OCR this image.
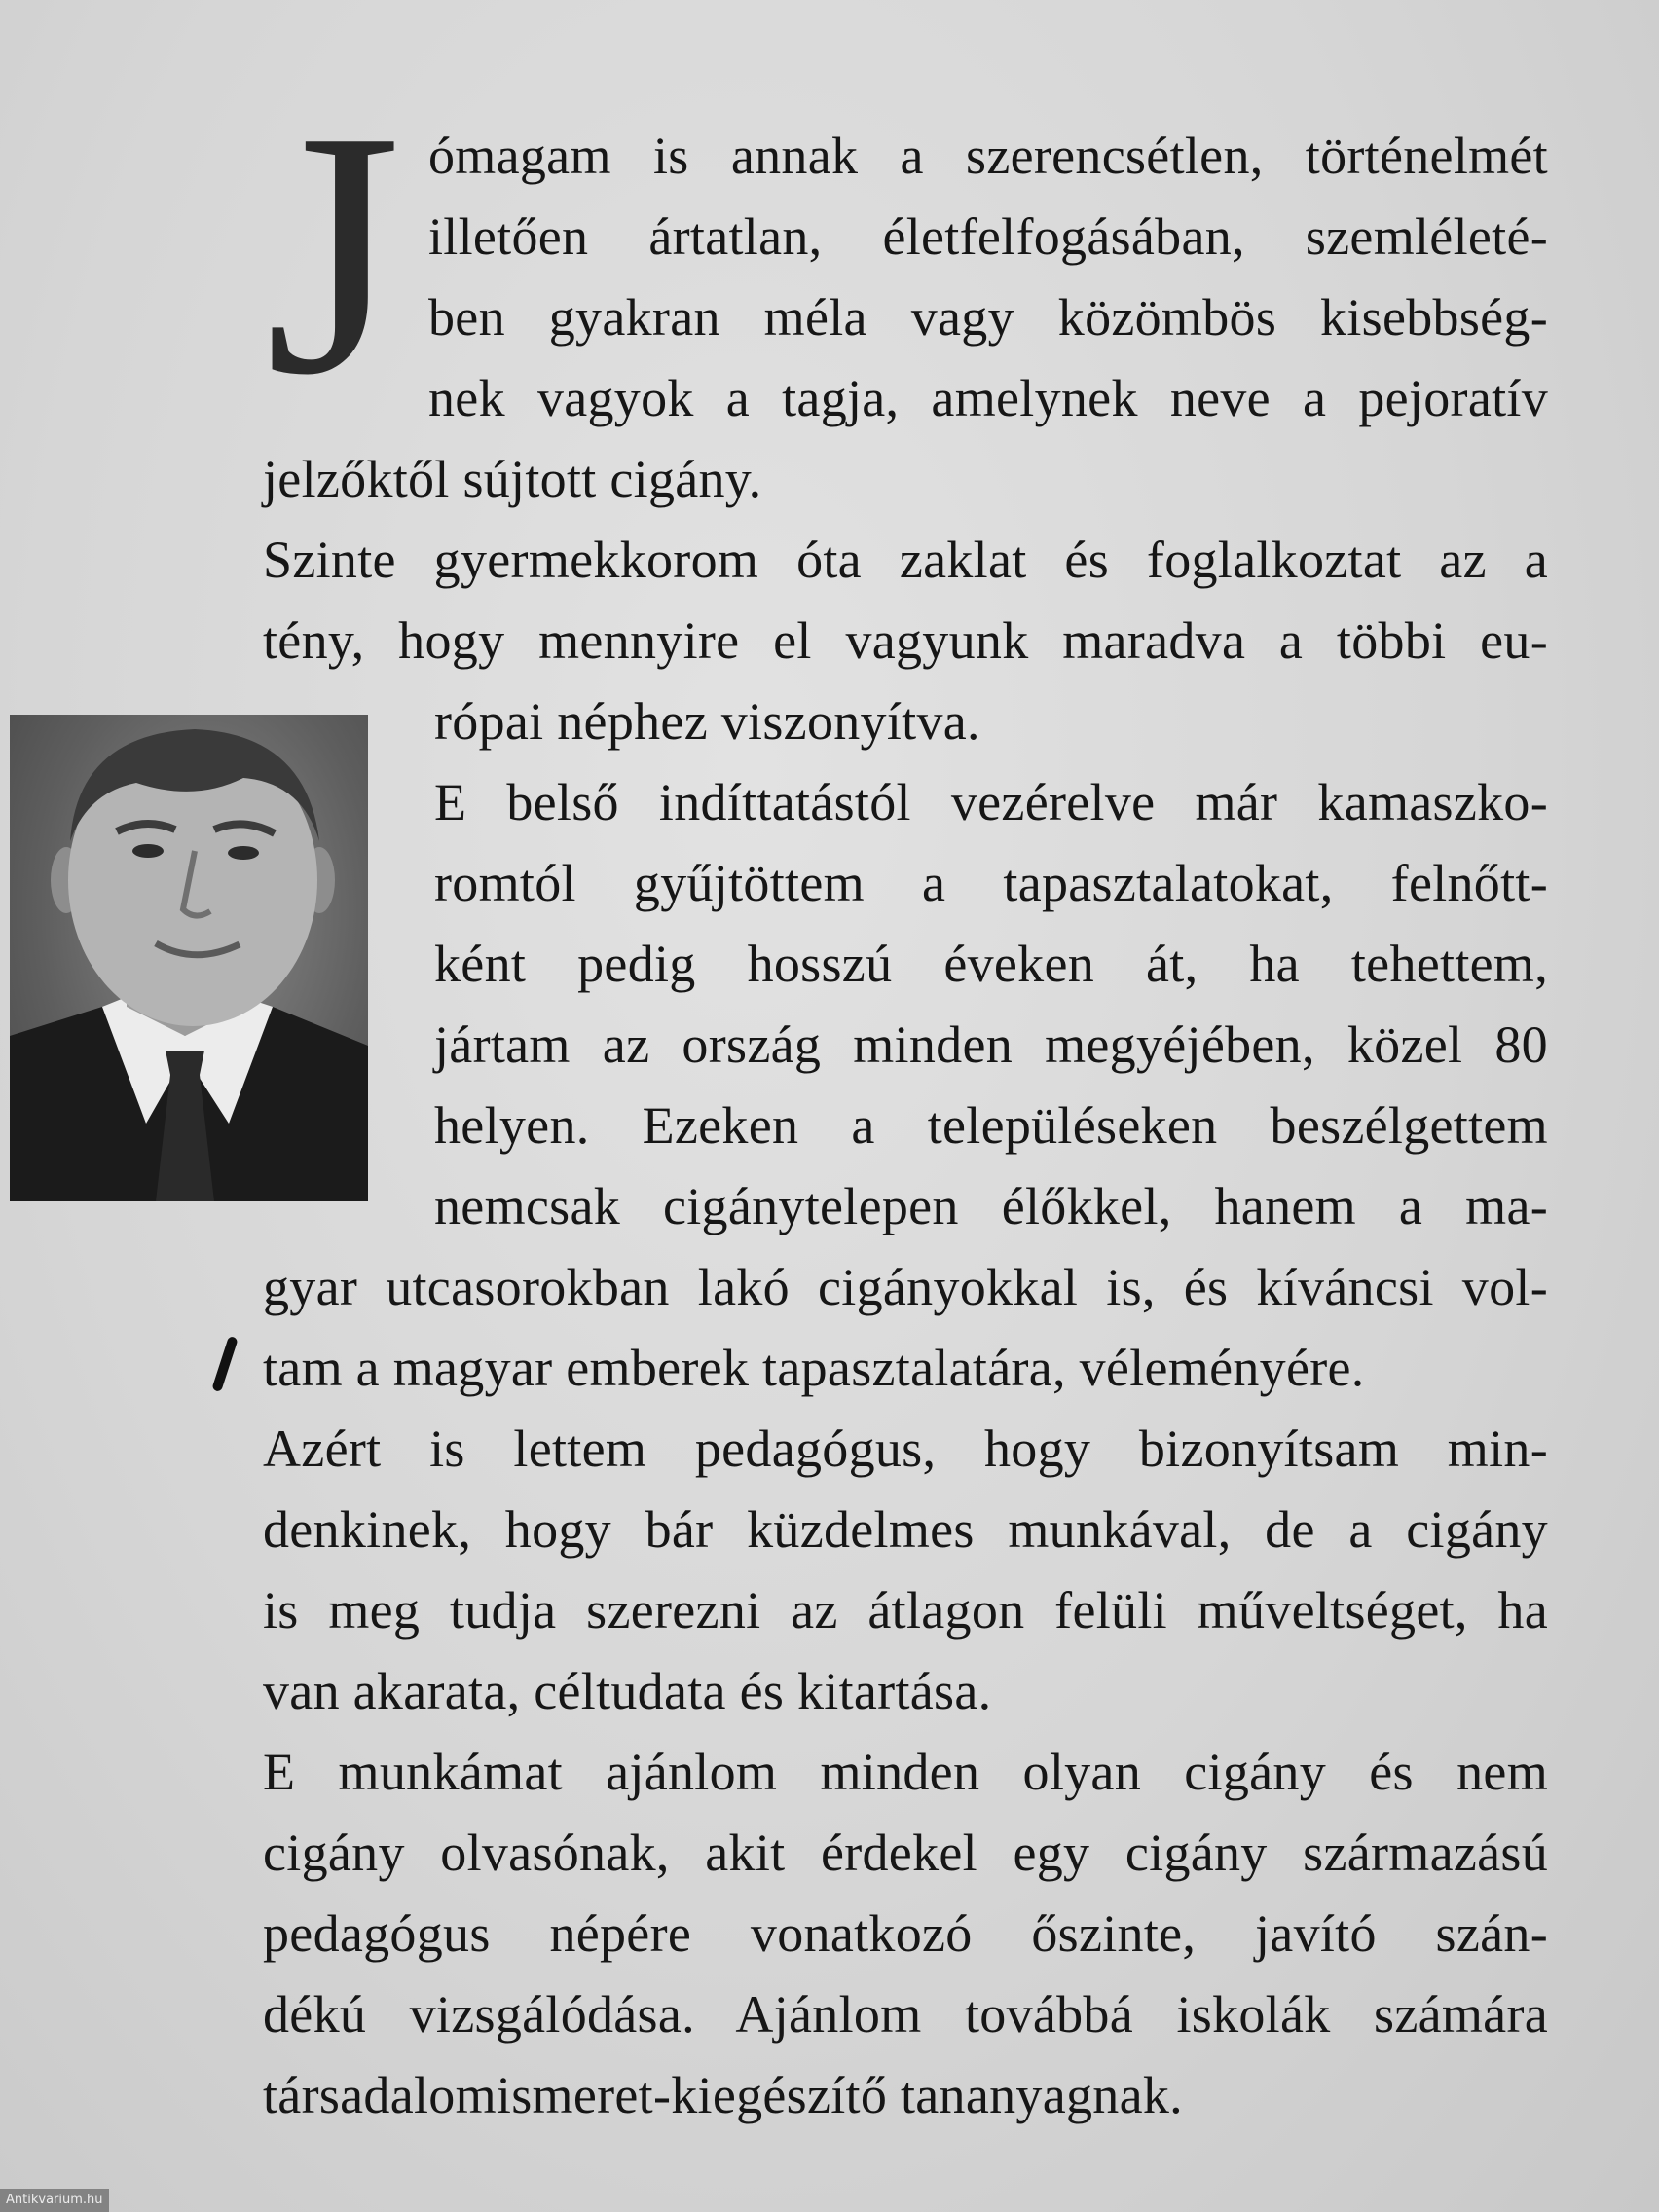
J ómagam is annak a szerencsétlen, történelmét

illetően ártatlan, életfelfogásában, szemléleté-

ben gyakran méla vagy közömbös kisebbség-

nek vagyok a tagja, amelynek neve a pejoratív

jelzőktől sújtott cigány.

Szinte gyermekkorom óta zaklat és foglalkoztat az a

tény, hogy mennyire el vagyunk maradva a többi eu-

rópai néphez viszonyítva.

E belső indíttatástól vezérelve már kamaszko-

romtól gyűjtöttem a tapasztalatokat, felnőtt-

ként pedig hosszú éveken át, ha tehettem,

jártam az ország minden megyéjében, közel 80

helyen. Ezeken a településeken beszélgettem

nemcsak cigánytelepen élőkkel, hanem a ma-

gyar utcasorokban lakó cigányokkal is, és kíváncsi vol-

tam a magyar emberek tapasztalatára, véleményére.

Azért is lettem pedagógus, hogy bizonyítsam min-

denkinek, hogy bár küzdelmes munkával, de a cigány

is meg tudja szerezni az átlagon felüli műveltséget, ha

van akarata, céltudata és kitartása.

E munkámat ajánlom minden olyan cigány és nem

cigány olvasónak, akit érdekel egy cigány származású

pedagógus népére vonatkozó őszinte, javító szán-

dékú vizsgálódása. Ajánlom továbbá iskolák számára

társadalomismeret-kiegészítő tananyagnak.

Antikvarium.hu
